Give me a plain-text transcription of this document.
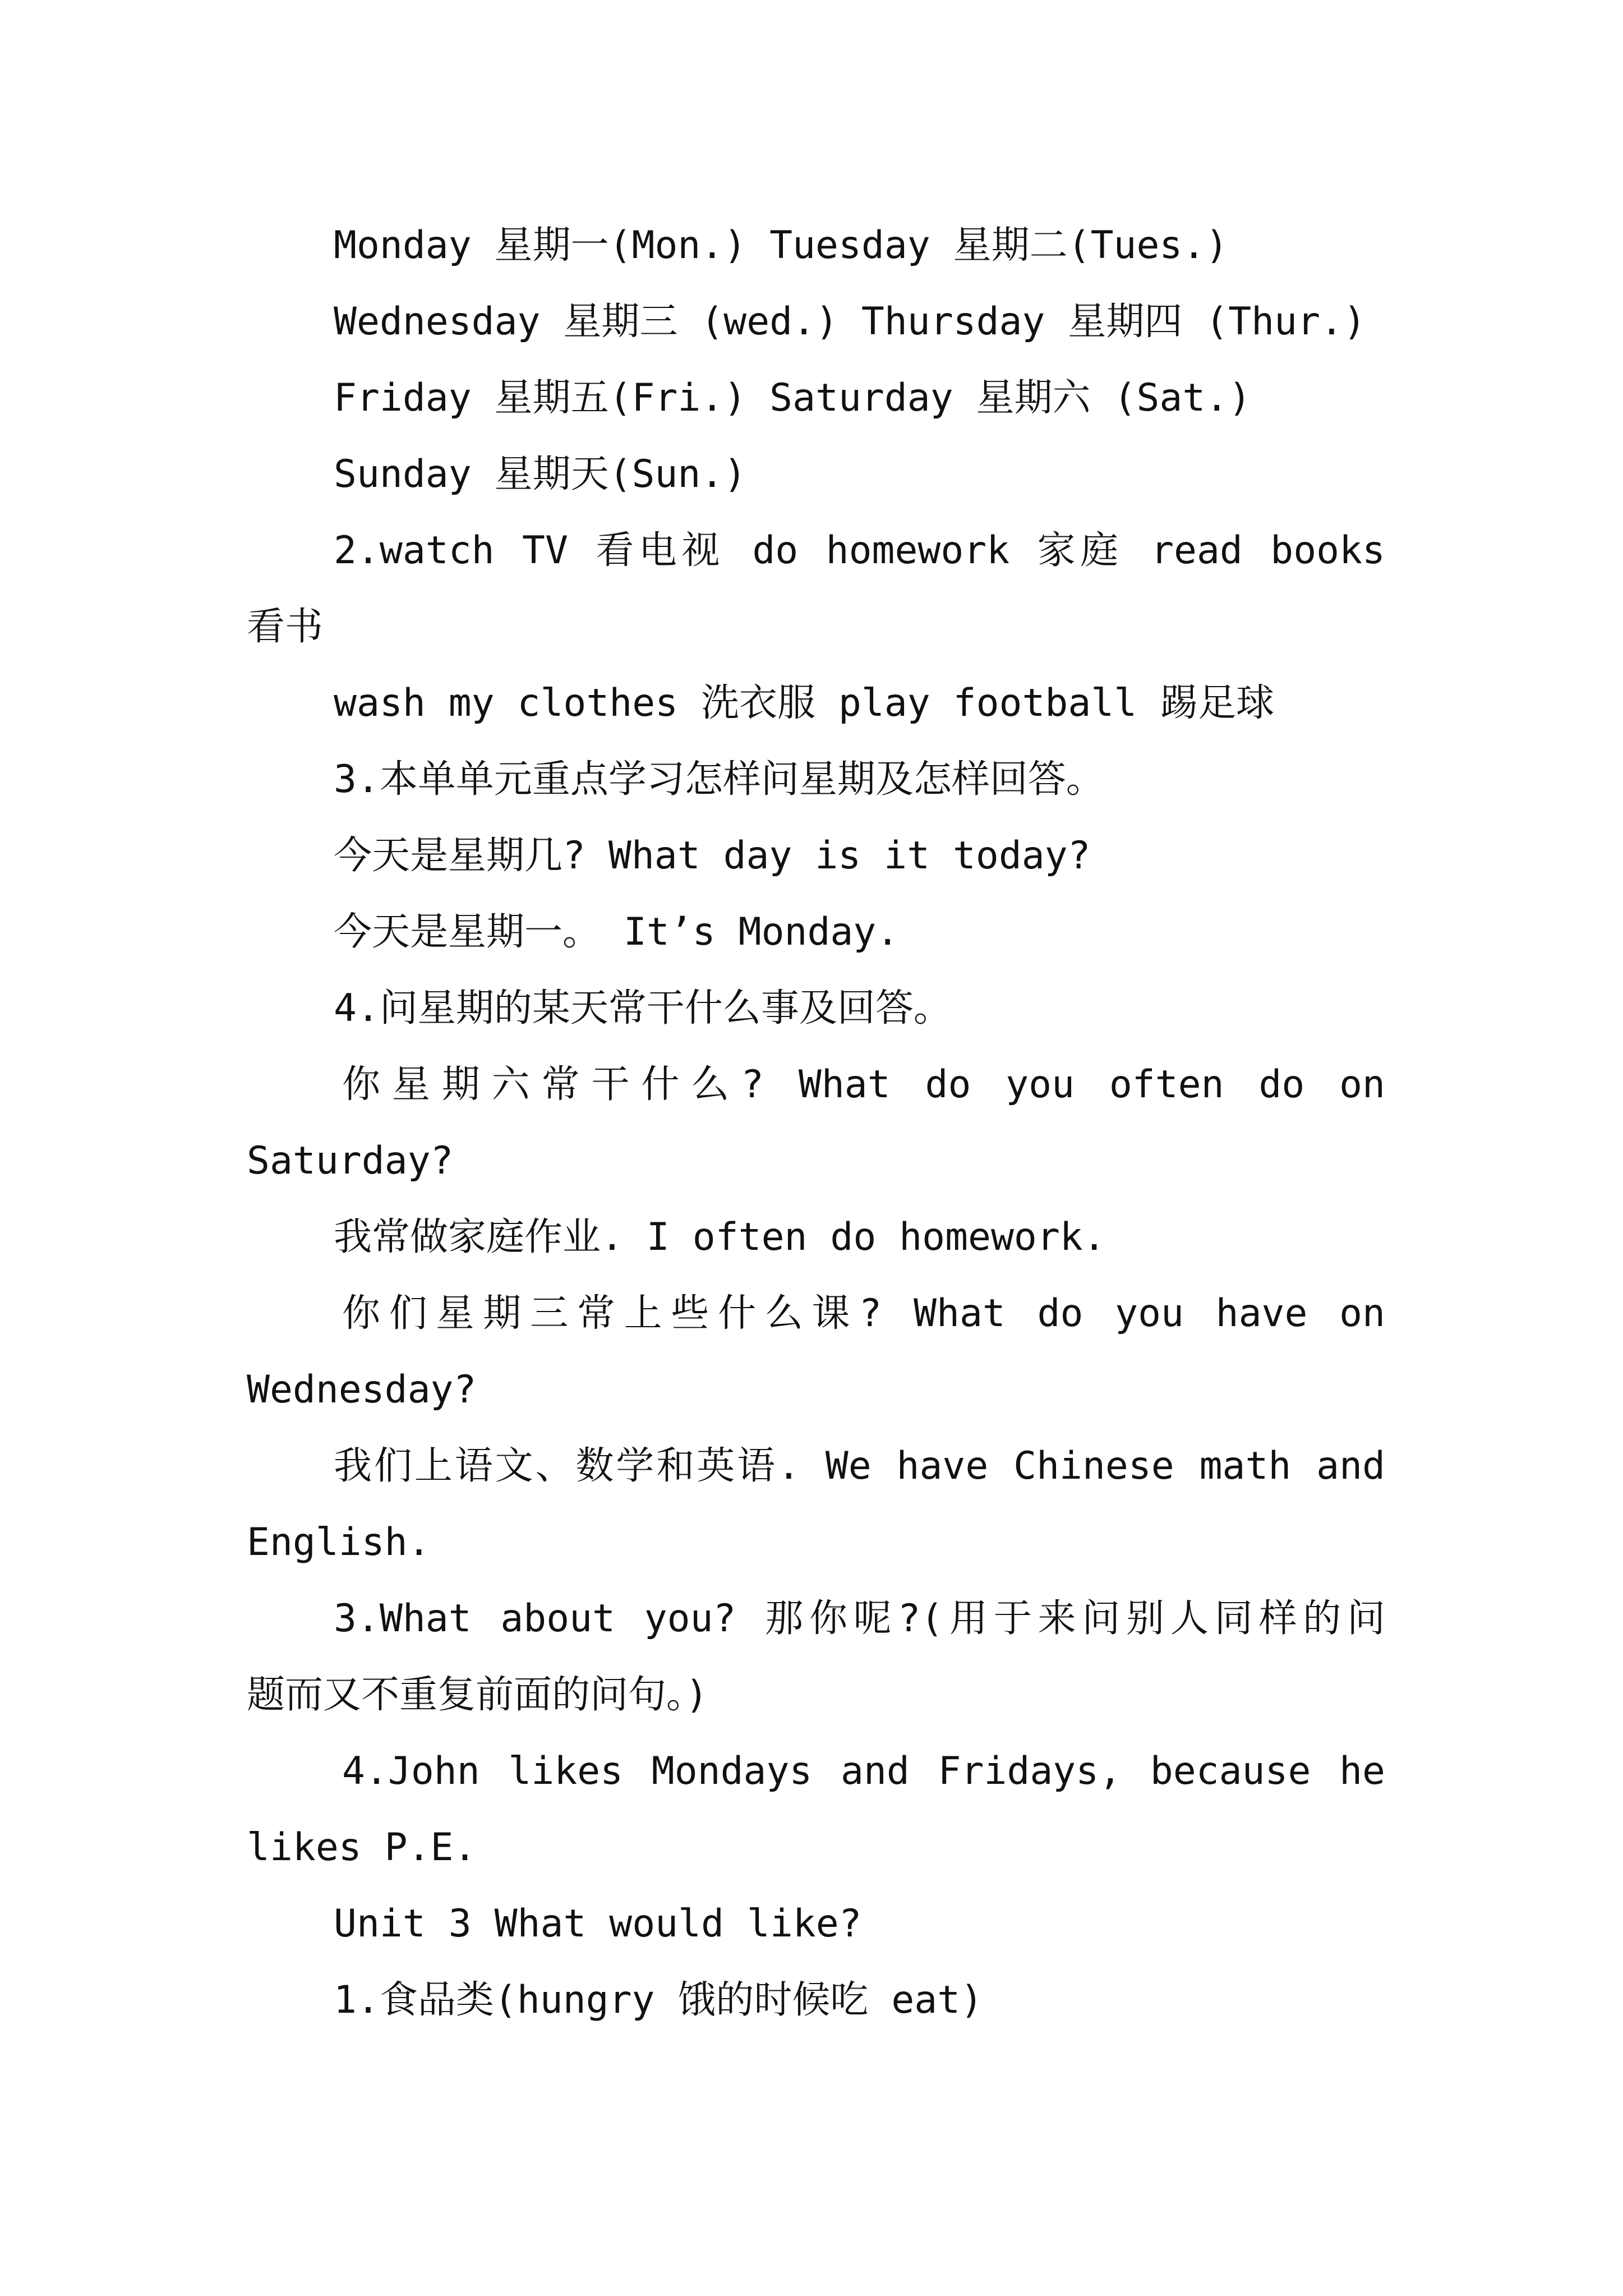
Monday 星期一(Mon.) Tuesday 星期二(Tues.)

Wednesday 星期三 (wed.) Thursday 星期四 (Thur.)

Friday 星期五(Fri.) Saturday 星期六 (Sat.)

Sunday 星期天(Sun.)

2.watch TV 看电视 do homework 家庭 read books

看书

wash my clothes 洗衣服 play football 踢足球

3.本单单元重点学习怎样问星期及怎样回答。

今天是星期几? What day is it today?

今天是星期一。 It’s Monday.

4.问星期的某天常干什么事及回答。

你星期六常干什么? What do you often do on

Saturday?

我常做家庭作业. I often do homework.

你们星期三常上些什么课? What do you have on

Wednesday?

我们上语文、数学和英语. We have Chinese math and

English.

3.What about you? 那你呢?(用于来问别人同样的问

题而又不重复前面的问句。)

4.John likes Mondays and Fridays, because he

likes P.E.

Unit 3 What would like?

1.食品类(hungry 饿的时候吃 eat)
